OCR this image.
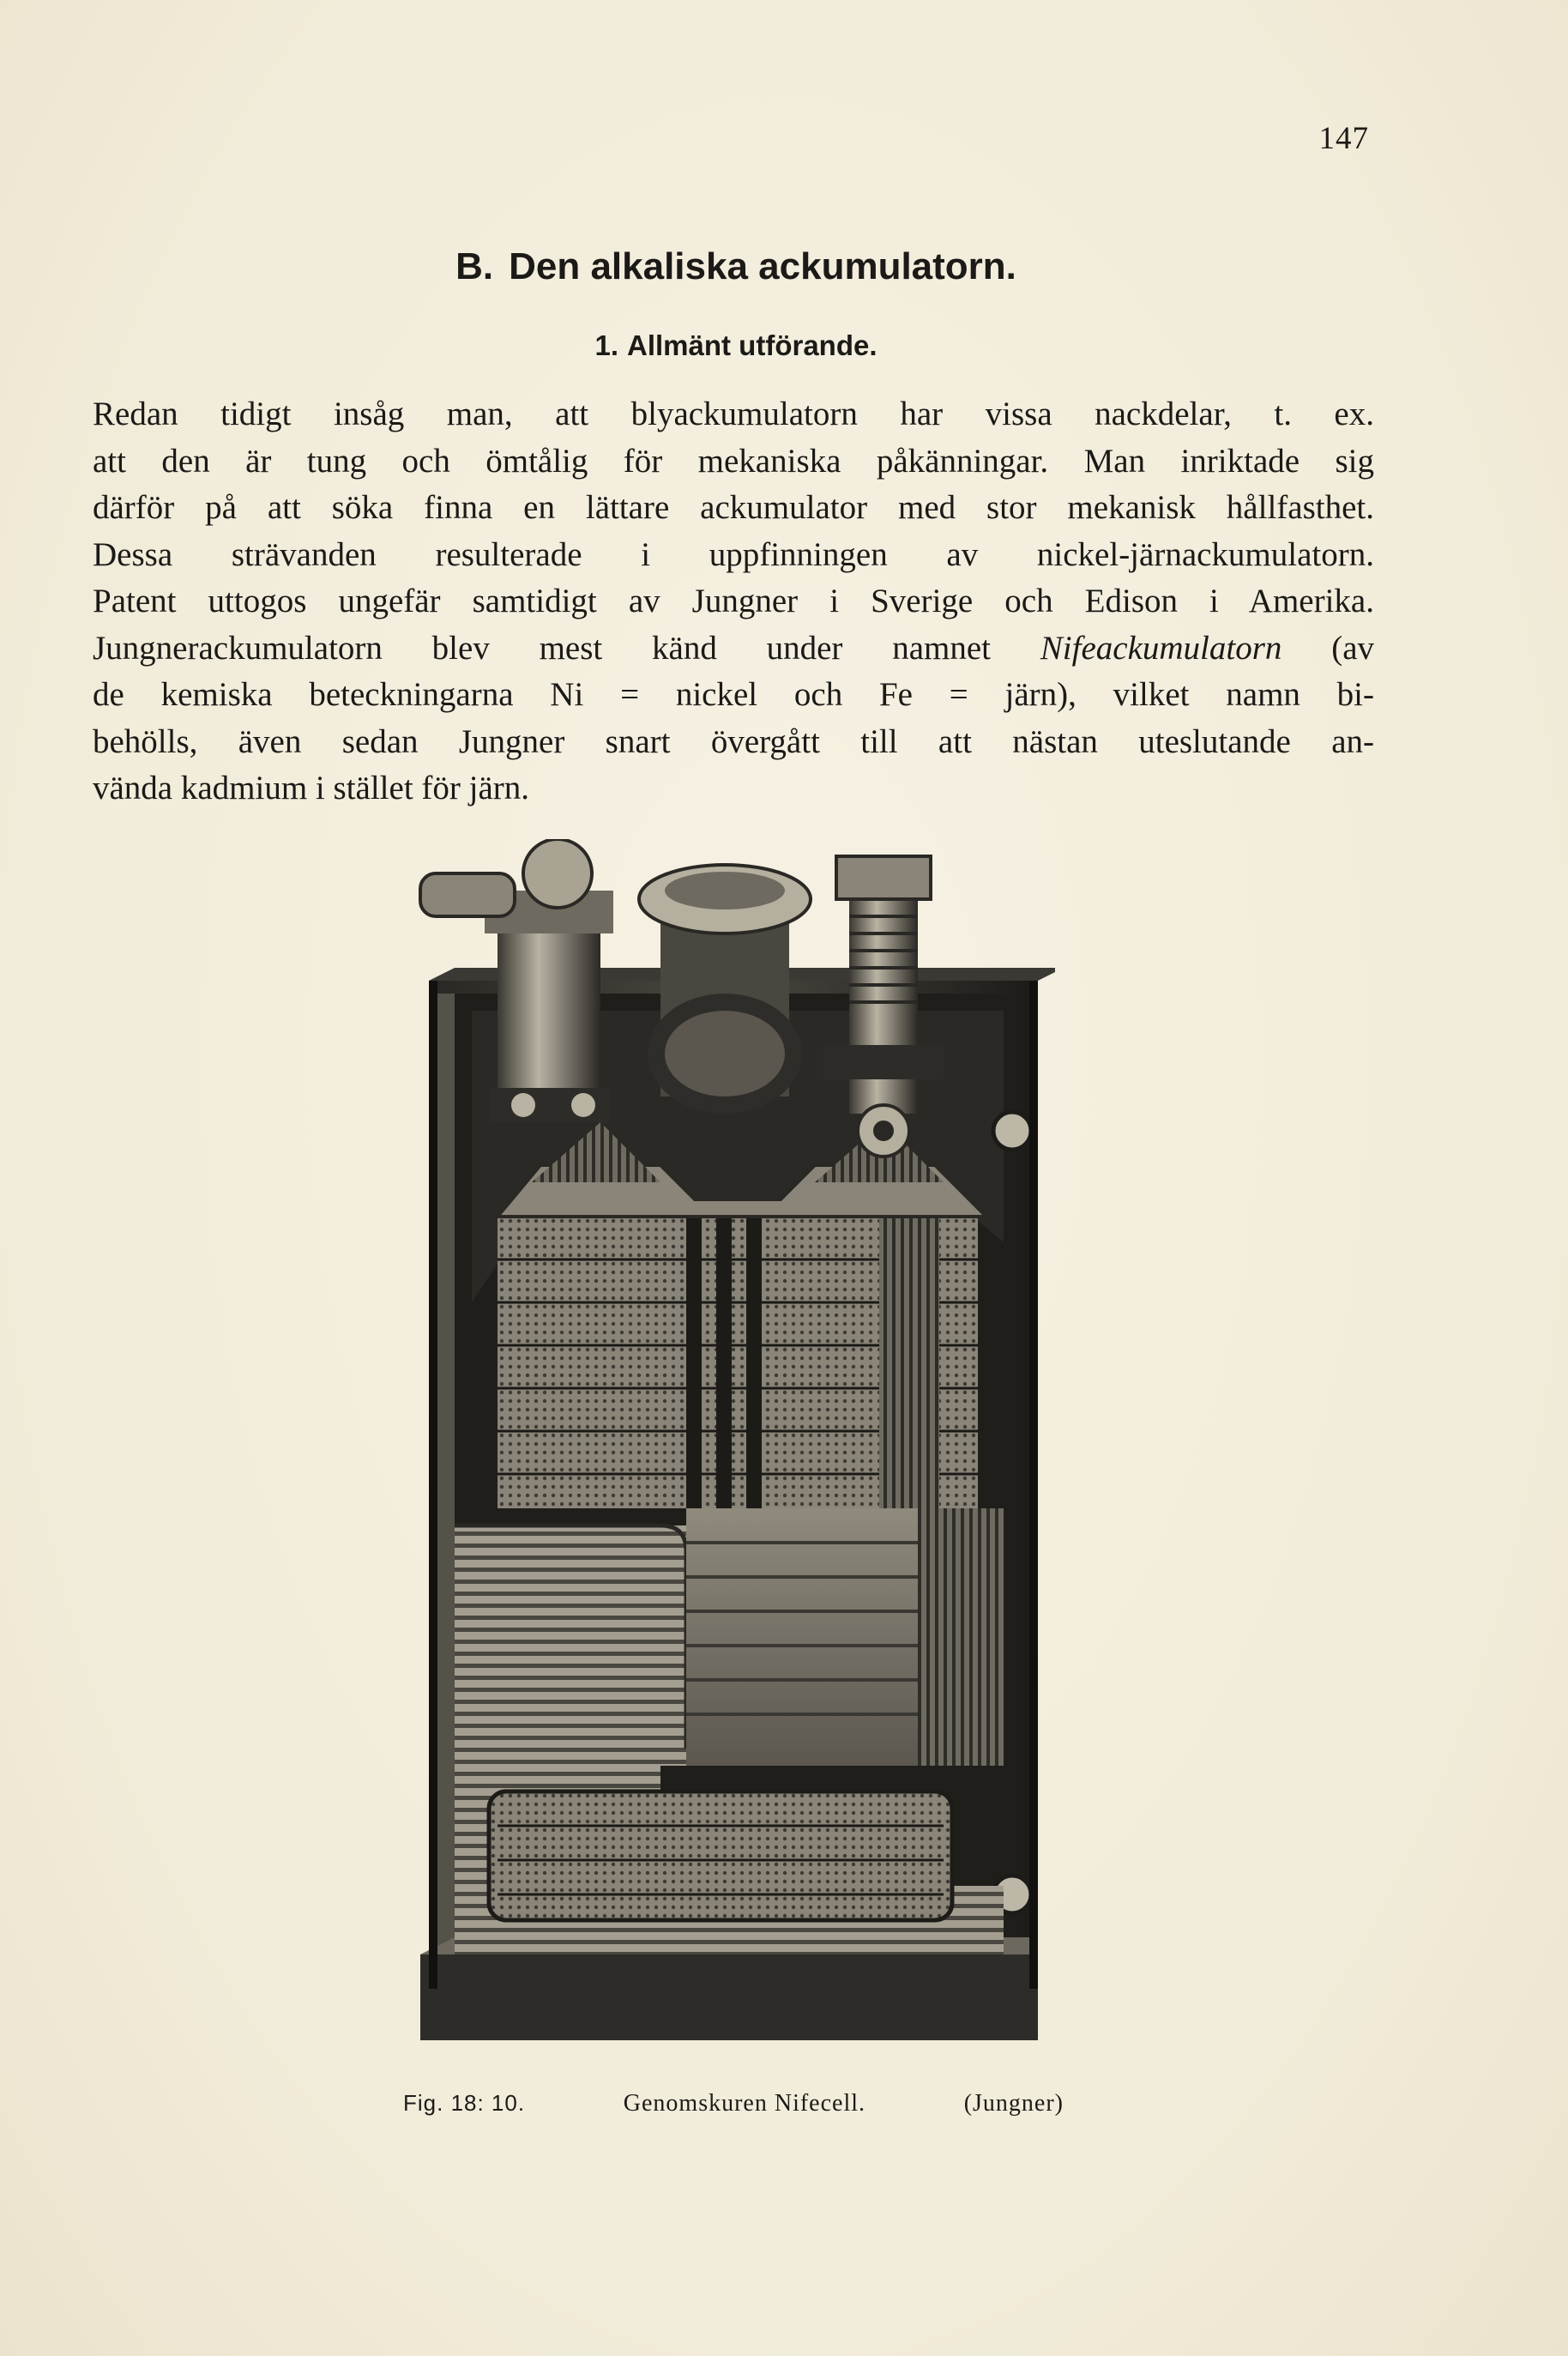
147
B. Den alkaliska ackumulatorn.
1. Allmänt utförande.
Redan tidigt insåg man, att blyackumulatorn har vissa nackdelar, t. ex.
att den är tung och ömtålig för mekaniska påkänningar. Man inriktade sig
därför på att söka finna en lättare ackumulator med stor mekanisk hållfasthet.
Dessa strävanden resulterade i uppfinningen av nickel-järnackumulatorn.
Patent uttogos ungefär samtidigt av Jungner i Sverige och Edison i Amerika.
Jungnerackumulatorn blev mest känd under namnet Nifeackumulatorn (av
de kemiska beteckningarna Ni = nickel och Fe = järn), vilket namn bi-
behölls, även sedan Jungner snart övergått till att nästan uteslutande an-
vända kadmium i stället för järn.
Fig. 18: 10.	Genomskuren Nifecell.	(Jungner)
